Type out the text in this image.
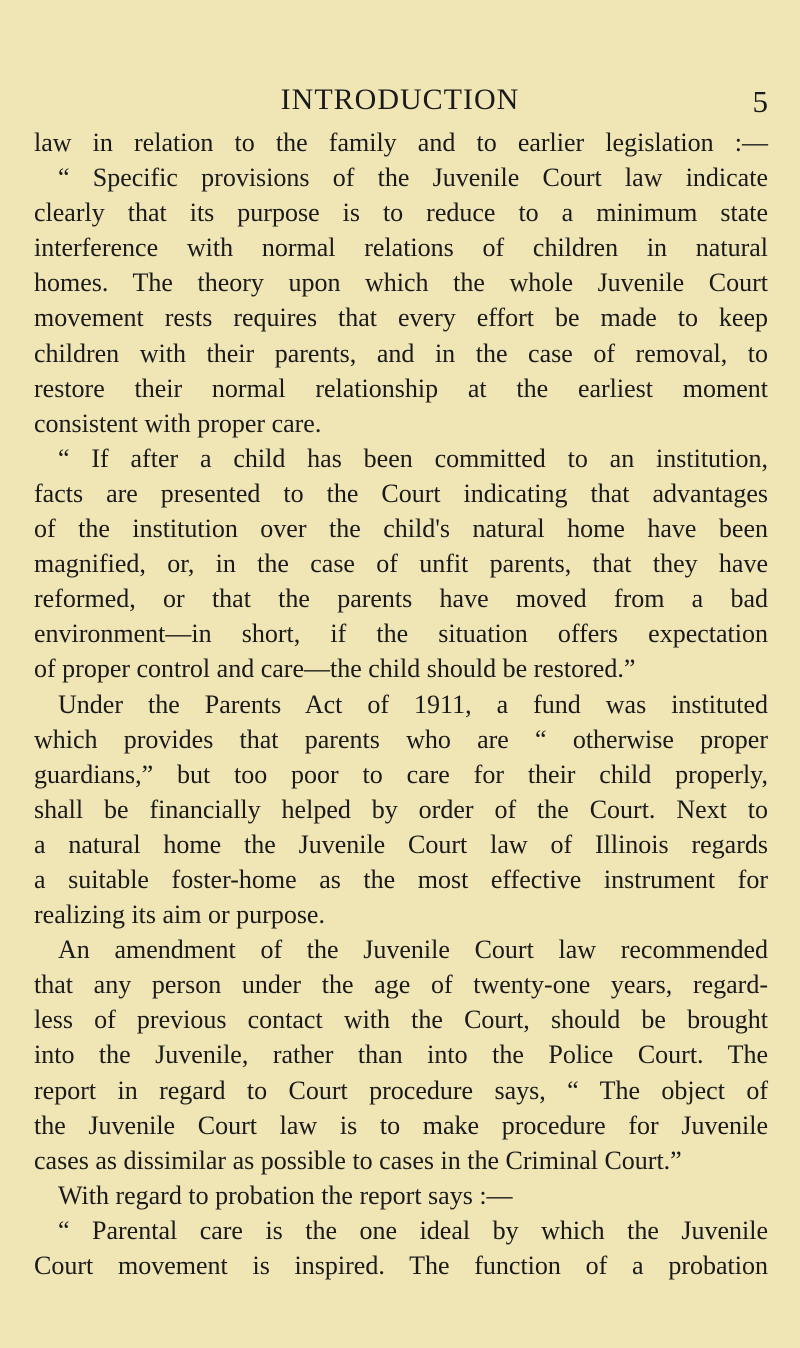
INTRODUCTION	5
law in relation to the family and to earlier legislation :—
“ Specific provisions of the Juvenile Court law indicate
clearly that its purpose is to reduce to a minimum state
interference with normal relations of children in natural
homes. The theory upon which the whole Juvenile Court
movement rests requires that every effort be made to keep
children with their parents, and in the case of removal, to
restore their normal relationship at the earliest moment
consistent with proper care.
“ If after a child has been committed to an institution,
facts are presented to the Court indicating that advantages
of the institution over the child's natural home have been
magnified, or, in the case of unfit parents, that they have
reformed, or that the parents have moved from a bad
environment—in short, if the situation offers expectation
of proper control and care—the child should be restored.”
Under the Parents Act of 1911, a fund was instituted
which provides that parents who are “ otherwise proper
guardians,” but too poor to care for their child properly,
shall be financially helped by order of the Court. Next to
a natural home the Juvenile Court law of Illinois regards
a suitable foster-home as the most effective instrument for
realizing its aim or purpose.
An amendment of the Juvenile Court law recommended
that any person under the age of twenty-one years, regard-
less of previous contact with the Court, should be brought
into the Juvenile, rather than into the Police Court. The
report in regard to Court procedure says, “ The object of
the Juvenile Court law is to make procedure for Juvenile
cases as dissimilar as possible to cases in the Criminal Court.”
With regard to probation the report says :—
“ Parental care is the one ideal by which the Juvenile
Court movement is inspired. The function of a probation
